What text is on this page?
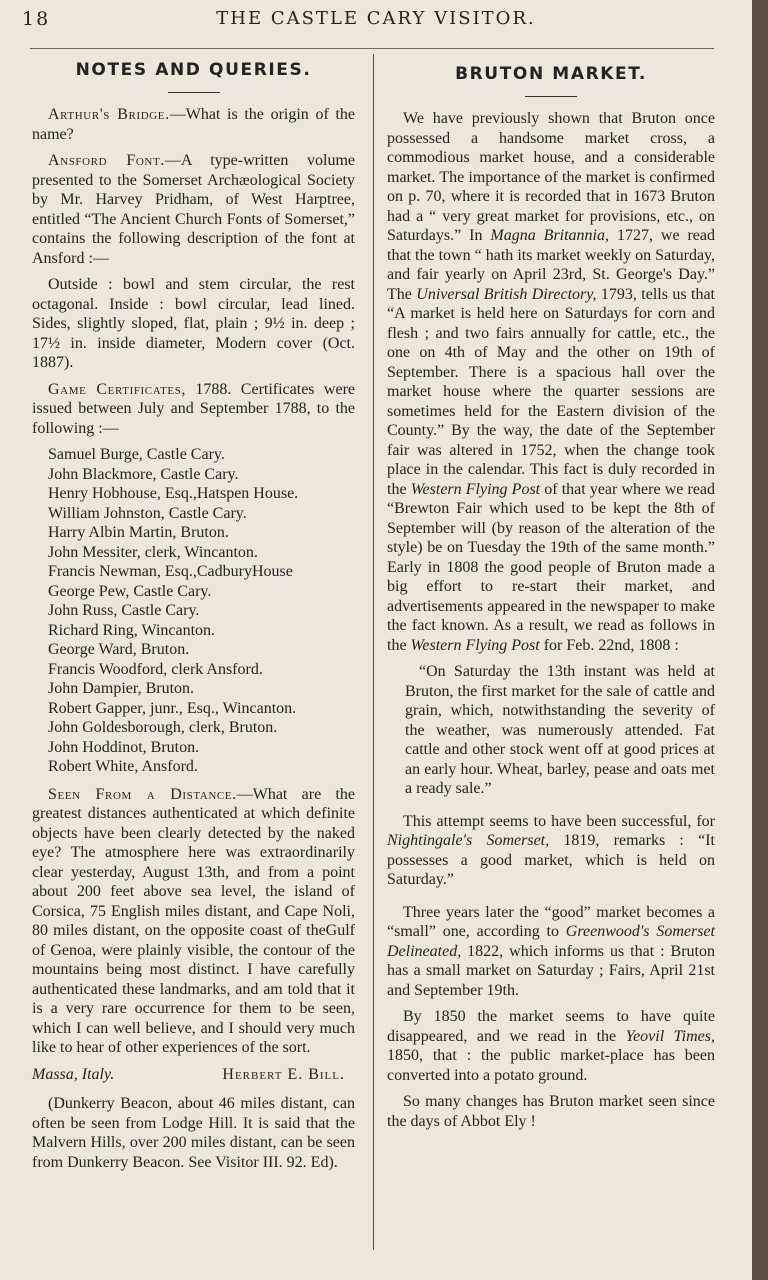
18	THE CASTLE CARY VISITOR.
NOTES AND QUERIES.

Arthur's Bridge.—What is the origin of the name?

Ansford Font.—A type-written volume presented to the Somerset Archæological Society by Mr. Harvey Pridham, of West Harptree, entitled “The Ancient Church Fonts of Somerset,” contains the following description of the font at Ansford :—

Outside : bowl and stem circular, the rest octagonal. Inside : bowl circular, lead lined. Sides, slightly sloped, flat, plain ; 9½ in. deep ; 17½ in. inside diameter, Modern cover (Oct. 1887).

Game Certificates, 1788. Certificates were issued between July and September 1788, to the following :—

Samuel Burge, Castle Cary.
John Blackmore, Castle Cary.
Henry Hobhouse, Esq.,Hatspen House.
William Johnston, Castle Cary.
Harry Albin Martin, Bruton.
John Messiter, clerk, Wincanton.
Francis Newman, Esq.,CadburyHouse
George Pew, Castle Cary.
John Russ, Castle Cary.
Richard Ring, Wincanton.
George Ward, Bruton.
Francis Woodford, clerk Ansford.
John Dampier, Bruton.
Robert Gapper, junr., Esq., Wincanton.
John Goldesborough, clerk, Bruton.
John Hoddinot, Bruton.
Robert White, Ansford.

Seen From a Distance.—What are the greatest distances authenticated at which definite objects have been clearly detected by the naked eye? The atmosphere here was extraordinarily clear yesterday, August 13th, and from a point about 200 feet above sea level, the island of Corsica, 75 English miles distant, and Cape Noli, 80 miles distant, on the opposite coast of theGulf of Genoa, were plainly visible, the contour of the mountains being most distinct. I have carefully authenticated these landmarks, and am told that it is a very rare occurrence for them to be seen, which I can well believe, and I should very much like to hear of other experiences of the sort.

Massa, Italy.	Herbert E. Bill.

(Dunkerry Beacon, about 46 miles distant, can often be seen from Lodge Hill. It is said that the Malvern Hills, over 200 miles distant, can be seen from Dunkerry Beacon. See Visitor III. 92. Ed).

BRUTON MARKET.

We have previously shown that Bruton once possessed a handsome market cross, a commodious market house, and a considerable market. The importance of the market is confirmed on p. 70, where it is recorded that in 1673 Bruton had a “ very great market for provisions, etc., on Saturdays.” In Magna Britannia, 1727, we read that the town “ hath its market weekly on Saturday, and fair yearly on April 23rd, St. George's Day.” The Universal British Directory, 1793, tells us that “A market is held here on Saturdays for corn and flesh ; and two fairs annually for cattle, etc., the one on 4th of May and the other on 19th of September. There is a spacious hall over the market house where the quarter sessions are sometimes held for the Eastern division of the County.” By the way, the date of the September fair was altered in 1752, when the change took place in the calendar. This fact is duly recorded in the Western Flying Post of that year where we read “Brewton Fair which used to be kept the 8th of September will (by reason of the alteration of the style) be on Tuesday the 19th of the same month.” Early in 1808 the good people of Bruton made a big effort to re-start their market, and advertisements appeared in the newspaper to make the fact known. As a result, we read as follows in the Western Flying Post for Feb. 22nd, 1808 :

“On Saturday the 13th instant was held at Bruton, the first market for the sale of cattle and grain, which, notwithstanding the severity of the weather, was numerously attended. Fat cattle and other stock went off at good prices at an early hour. Wheat, barley, pease and oats met a ready sale.”

This attempt seems to have been successful, for Nightingale's Somerset, 1819, remarks : “It possesses a good market, which is held on Saturday.”

Three years later the “good” market becomes a “small” one, according to Greenwood's Somerset Delineated, 1822, which informs us that : Bruton has a small market on Saturday ; Fairs, April 21st and September 19th.

By 1850 the market seems to have quite disappeared, and we read in the Yeovil Times, 1850, that : the public market-place has been converted into a potato ground.

So many changes has Bruton market seen since the days of Abbot Ely !
